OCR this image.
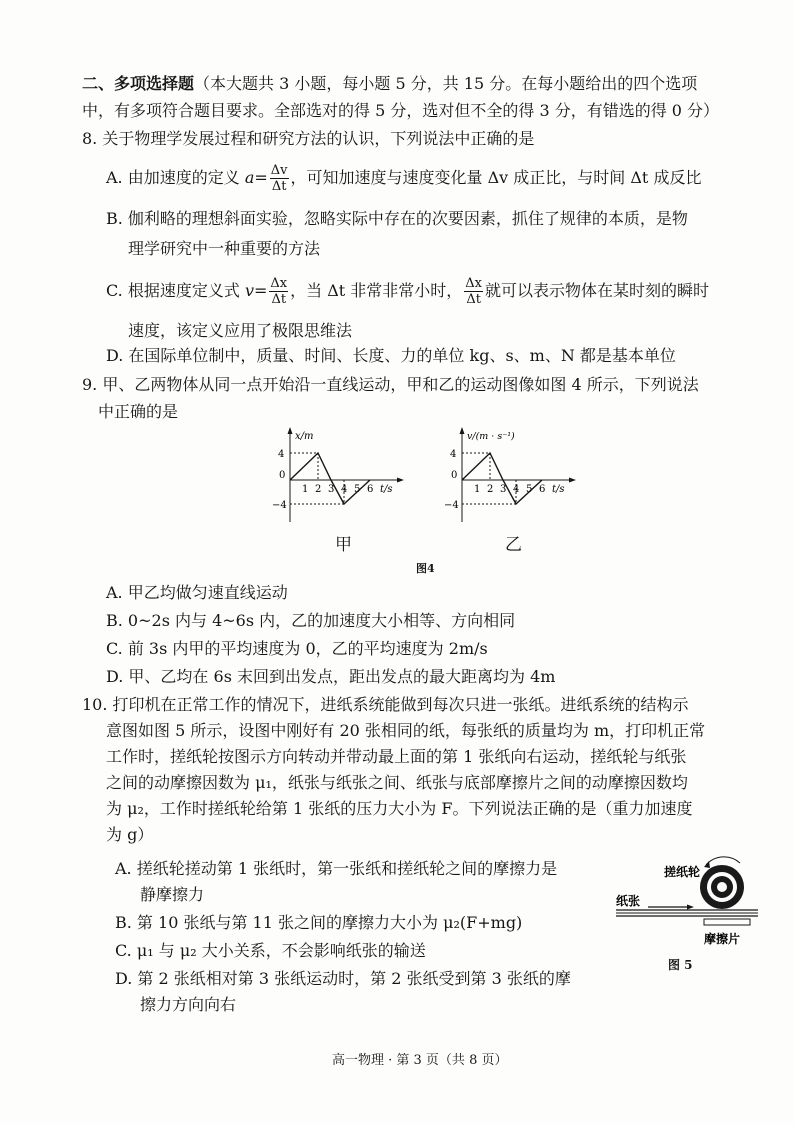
二、多项选择题（本大题共 3 小题，每小题 5 分，共 15 分。在每小题给出的四个选项
中，有多项符合题目要求。全部选对的得 5 分，选对但不全的得 3 分，有错选的得 0 分）
8. 关于物理学发展过程和研究方法的认识，下列说法中正确的是
A. 由加速度的定义 $a= \frac{\Delta v}{\Delta t}$ ，可知加速度与速度变化量 Δv 成正比，与时间 Δt 成反比
B. 伽利略的理想斜面实验，忽略实际中存在的次要因素，抓住了规律的本质，是物
理学研究中一种重要的方法
C. 根据速度定义式 $v= \frac{\Delta x}{\Delta t}$ ，当 Δt 非常非常小时， $\frac{\Delta x}{\Delta t}$ 就可以表示物体在某时刻的瞬时
速度，该定义应用了极限思维法
D. 在国际单位制中，质量、时间、长度、力的单位 kg、s、m、N 都是基本单位
9. 甲、乙两物体从同一点开始沿一直线运动，甲和乙的运动图像如图 4 所示，下列说法
中正确的是
x/m
4
0
−4
1 2 3 4 5 6 t/s
甲
v/(m · s⁻¹)
4
0
−4
1 2 3 4 5 6 t/s
乙
图4
A. 甲乙均做匀速直线运动
B. 0~2s 内与 4~6s 内，乙的加速度大小相等、方向相同
C. 前 3s 内甲的平均速度为 0，乙的平均速度为 2m/s
D. 甲、乙均在 6s 末回到出发点，距出发点的最大距离均为 4m
10. 打印机在正常工作的情况下，进纸系统能做到每次只进一张纸。进纸系统的结构示
意图如图 5 所示，设图中刚好有 20 张相同的纸，每张纸的质量均为 m，打印机正常
工作时，搓纸轮按图示方向转动并带动最上面的第 1 张纸向右运动，搓纸轮与纸张
之间的动摩擦因数为 μ₁，纸张与纸张之间、纸张与底部摩擦片之间的动摩擦因数均
为 μ₂，工作时搓纸轮给第 1 张纸的压力大小为 F。下列说法正确的是（重力加速度
为 g）
A. 搓纸轮搓动第 1 张纸时，第一张纸和搓纸轮之间的摩擦力是
静摩擦力
B. 第 10 张纸与第 11 张之间的摩擦力大小为 μ₂(F+mg)
C. μ₁ 与 μ₂ 大小关系，不会影响纸张的输送
D. 第 2 张纸相对第 3 张纸运动时，第 2 张纸受到第 3 张纸的摩
擦力方向向右
搓纸轮
纸张
摩擦片
图 5
高一物理 · 第 3 页（共 8 页）
